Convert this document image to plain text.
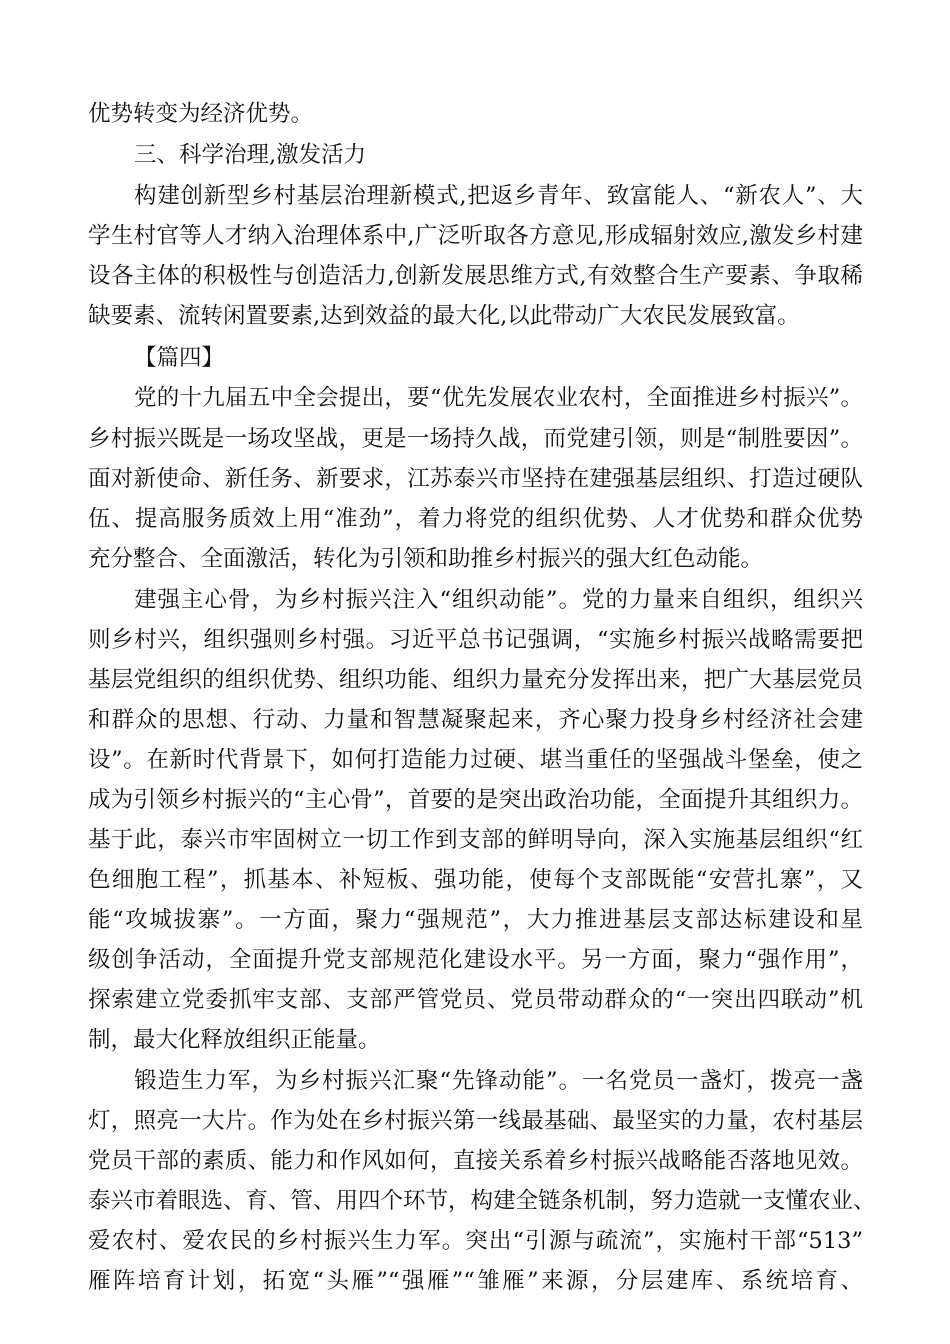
优势转变为经济优势。
三、科学治理,激发活力
构建创新型乡村基层治理新模式,把返乡青年、致富能人、“新农人”、大
学生村官等人才纳入治理体系中,广泛听取各方意见,形成辐射效应,激发乡村建
设各主体的积极性与创造活力,创新发展思维方式,有效整合生产要素、争取稀
缺要素、流转闲置要素,达到效益的最大化,以此带动广大农民发展致富。
【篇四】
党的十九届五中全会提出，要“优先发展农业农村，全面推进乡村振兴”。
乡村振兴既是一场攻坚战，更是一场持久战，而党建引领，则是“制胜要因”。
面对新使命、新任务、新要求，江苏泰兴市坚持在建强基层组织、打造过硬队
伍、提高服务质效上用“准劲”，着力将党的组织优势、人才优势和群众优势
充分整合、全面激活，转化为引领和助推乡村振兴的强大红色动能。
建强主心骨，为乡村振兴注入“组织动能”。党的力量来自组织，组织兴
则乡村兴，组织强则乡村强。习近平总书记强调，“实施乡村振兴战略需要把
基层党组织的组织优势、组织功能、组织力量充分发挥出来，把广大基层党员
和群众的思想、行动、力量和智慧凝聚起来，齐心聚力投身乡村经济社会建
设”。在新时代背景下，如何打造能力过硬、堪当重任的坚强战斗堡垒，使之
成为引领乡村振兴的“主心骨”，首要的是突出政治功能，全面提升其组织力。
基于此，泰兴市牢固树立一切工作到支部的鲜明导向，深入实施基层组织“红
色细胞工程”，抓基本、补短板、强功能，使每个支部既能“安营扎寨”，又
能“攻城拔寨”。一方面，聚力“强规范”，大力推进基层支部达标建设和星
级创争活动，全面提升党支部规范化建设水平。另一方面，聚力“强作用”，
探索建立党委抓牢支部、支部严管党员、党员带动群众的“一突出四联动”机
制，最大化释放组织正能量。
锻造生力军，为乡村振兴汇聚“先锋动能”。一名党员一盏灯，拨亮一盏
灯，照亮一大片。作为处在乡村振兴第一线最基础、最坚实的力量，农村基层
党员干部的素质、能力和作风如何，直接关系着乡村振兴战略能否落地见效。
泰兴市着眼选、育、管、用四个环节，构建全链条机制，努力造就一支懂农业、
爱农村、爱农民的乡村振兴生力军。突出“引源与疏流”，实施村干部“513”
雁阵培育计划，拓宽“头雁”“强雁”“雏雁”来源，分层建库、系统培育、
